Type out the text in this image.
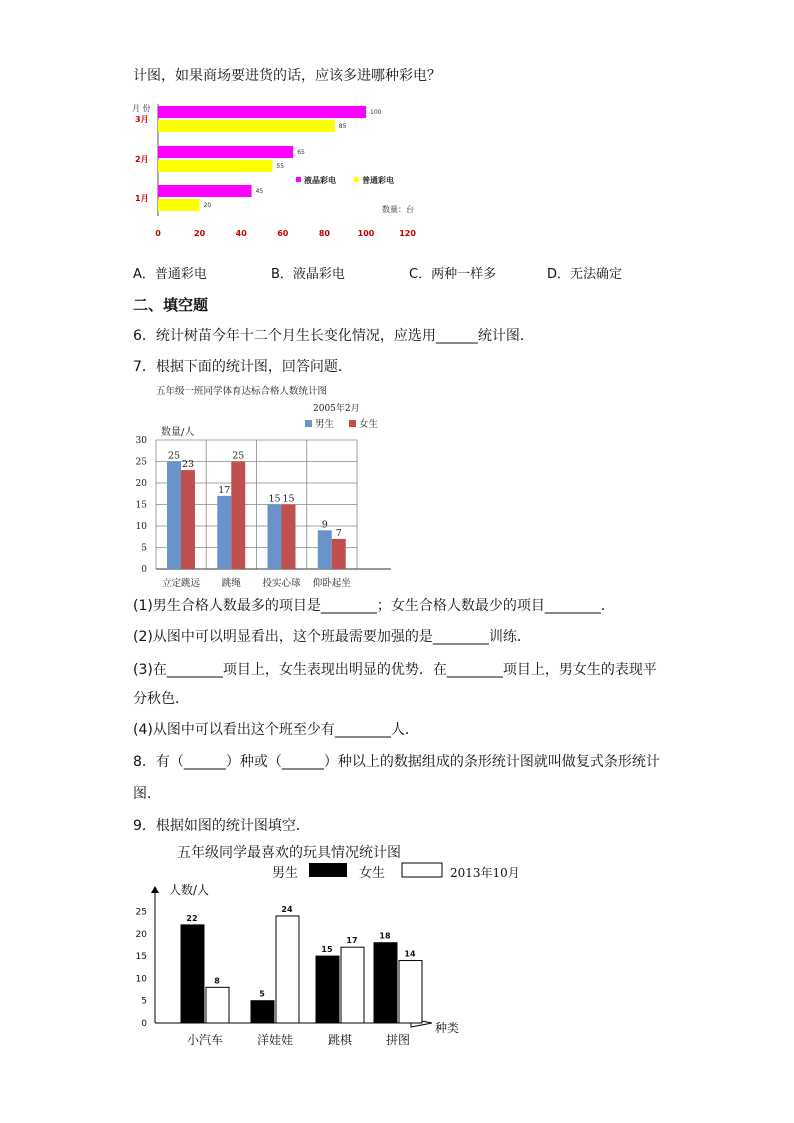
计图，如果商场要进货的话，应该多进哪种彩电？
月 份
1月
45
20
2月
65
55
3月
100
85
0	20	40	60	80	100	120
液晶彩电	普通彩电
数量：台
A．普通彩电	B．液晶彩电	C．两种一样多	D．无法确定
二、填空题
6．统计树苗今年十二个月生长变化情况，应选用______统计图．
7．根据下面的统计图，回答问题．
五年级一班同学体育达标合格人数统计图
2005年2月
男生	女生
数量/人
0
5
10
15
20
25
30
25
23
立定跳远
17
25
跳绳
15 15
投实心球
9
7
仰卧起坐
(1)男生合格人数最多的项目是________；女生合格人数最少的项目________．
(2)从图中可以明显看出，这个班最需要加强的是________训练．
(3)在________项目上，女生表现出明显的优势．在________项目上，男女生的表现平
分秋色．
(4)从图中可以看出这个班至少有________人．
8．有（______）种或（______）种以上的数据组成的条形统计图就叫做复式条形统计
图．
9．根据如图的统计图填空．
五年级同学最喜欢的玩具情况统计图
男生	女生	2013年10月
人数/人
种类
0
5
10
15
20
25
22
8
小汽车
5
24
洋娃娃
15
17
跳棋
18
14
拼图
